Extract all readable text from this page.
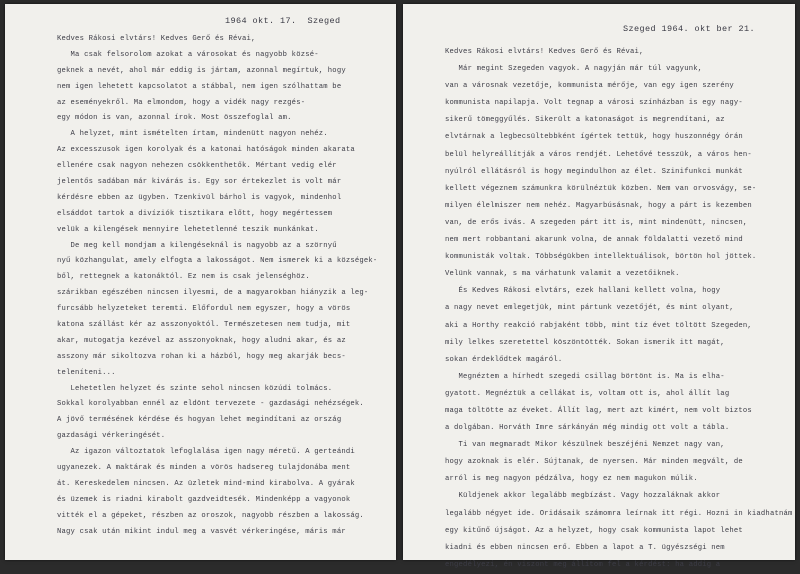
1964 okt. 17.  Szeged
Kedves Rákosi elvtárs! Kedves Gerő és Révai,
Ma csak felsorolom azokat a városokat és nagyobb közsé-
geknek a nevét, ahol már eddig is jártam, azonnal megírtuk, hogy
nem igen lehetett kapcsolatot a stábbal, nem igen szólhattam be
az eseményekről. Ma elmondom, hogy a vidék nagy rezgés-
egy módon is van, azonnal írok. Most összefoglal am.
A helyzet, mint ismételten írtam, mindenütt nagyon nehéz.
Az excesszusok igen korolyak és a katonai hatóságok minden akarata
ellenére csak nagyon nehezen csökkenthetők. Mértant vedig elér
jelentős sadában már kivárás is. Egy sor értekezlet is volt már
kérdésre ebben az ügyben. Tzenkivül bárhol is vagyok, mindenhol
elsáddot tartok a divíziók tisztikara előtt, hogy megértessem
velük a kilengések mennyire lehetetlenné teszik munkánkat.
De meg kell mondjam a kilengéseknál is nagyobb az a szörnyű
nyű közhangulat, amely elfogta a lakosságot. Nem ismerek ki a községek-
ből, rettegnek a katonáktól. Ez nem is csak jelenséghöz.
szárikban egészében nincsen ilyesmi, de a magyarokban hiányzik a leg-
furcsább helyzeteket teremti. Előfordul nem egyszer, hogy a vörös
katona szállást kér az asszonyoktól. Természetesen nem tudja, mit
akar, mutogatja kezével az asszonyoknak, hogy aludni akar, és az
asszony már sikoltozva rohan ki a házból, hogy meg akarják becs-
teleníteni...
Lehetetlen helyzet és szinte sehol nincsen közúdi tolmács.
Sokkal korolyabban ennél az eldönt tervezete - gazdasági nehézségek.
A jövő termésének kérdése és hogyan lehet megindítani az ország
gazdasági vérkeringését.
Az igazon változtatok lefoglalása igen nagy méretű. A gerteándi
ugyanezek. A maktárak és minden a vörös hadsereg tulajdonába ment
át. Kereskedelem nincsen. Az üzletek mind-mind kirabolva. A gyárak
és üzemek is riadni kirabolt gazdveidtesék. Mindenképp a vagyonok
vitték el a gépeket, részben az oroszok, nagyobb részben a lakosság.
Nagy csak után mikint indul meg a vasvét vérkeringése, máris már
Szeged 1964. okt ber 21.
Kedves Rákosi elvtárs! Kedves Gerő és Révai,
Már megint Szegeden vagyok. A nagyján már túl vagyunk,
van a városnak vezetője, kommunista mérője, van egy igen szerény
kommunista napilapja. Volt tegnap a városi színházban is egy nagy-
sikerű tömeggyűlés. Sikerült a katonaságot is megrendítani, az
elvtárnak a legbecsültebbként ígértek tettük, hogy huszonnégy órán
belül helyreállítják a város rendjét. Lehetővé tesszük, a város hen-
nyúlról ellátásról is hogy megindulhon az élet. Szinifunkci munkát
kellett végeznem számunkra körülnéztük közben. Nem van orvosvágy, se-
milyen élelmiszer nem nehéz. Magyarbúsásnak, hogy a párt is kezemben
van, de erős ivás. A szegeden párt itt is, mint mindenütt, nincsen,
nem mert robbantani akarunk volna, de annak földalatti vezető mind
kommunisták voltak. Többségükben intellektuálisok, börtön hol jöttek.
Velünk vannak, s ma várhatunk valamit a vezetőiknek.
És Kedves Rákosi elvtárs, ezek hallani kellett volna, hogy
a nagy nevet emlegetjük, mint pártunk vezetőjét, és mint olyant,
aki a Horthy reakció rabjaként több, mint tíz évet töltött Szegeden,
mily lelkes szeretettel köszöntötték. Sokan ismerik itt magát,
sokan érdeklődtek magáról.
Megnéztem a hírhedt szegedi csillag börtönt is. Ma is elha-
gyatott. Megnéztük a cellákat is, voltam ott is, ahol állít lag
maga töltötte az éveket. Állít lag, mert azt kimért, nem volt biztos
a dolgában. Horváth Imre sárkányán még mindig ott volt a tábla.
Ti van megmaradt Mikor készülnek beszéjéni Nemzet nagy van,
hogy azoknak is elér. Sújtanak, de nyersen. Már minden megvált, de
arról is meg nagyon pédzálva, hogy ez nem magukon múlik.
Küldjenek akkor legalább megbízást. Vagy hozzaláknak akkor
legalább négyet ide. Oridásaik számomra leírnak itt régi. Hozni in kiadhatnám
egy kitűnő újságot. Az a helyzet, hogy csak kommunista lapot lehet
kiadni és ebben nincsen erő. Ebben a lapot a T. ügyészségi nem
engedélyezi, én viszont meg állítom fel a kérdést: ha addig a
